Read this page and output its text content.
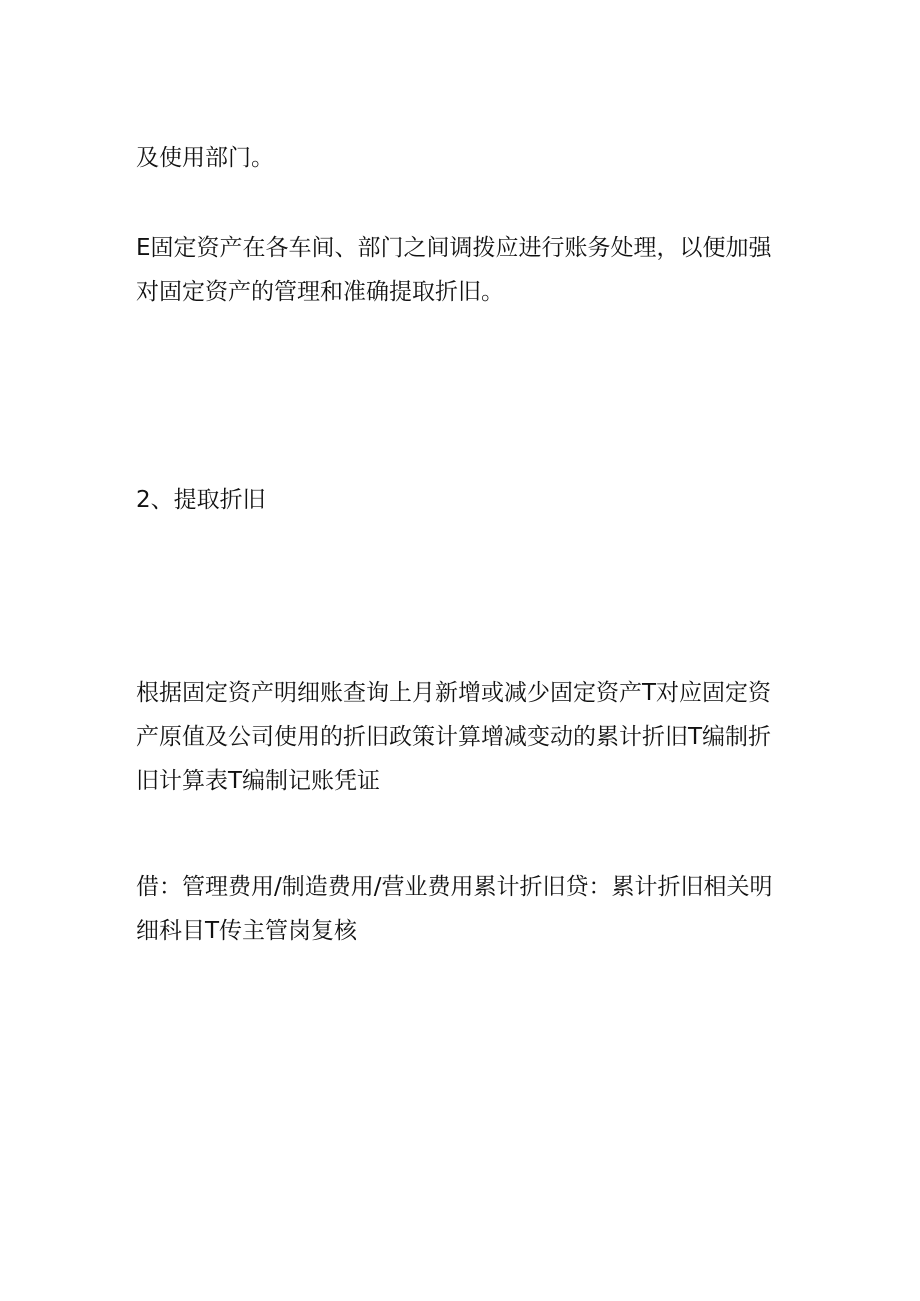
及使用部门。

E固定资产在各车间、部门之间调拨应进行账务处理，以便加强
对固定资产的管理和准确提取折旧。

2、提取折旧

根据固定资产明细账查询上月新增或减少固定资产T对应固定资
产原值及公司使用的折旧政策计算增减变动的累计折旧T编制折
旧计算表T编制记账凭证

借：管理费用/制造费用/营业费用累计折旧贷：累计折旧相关明
细科目T传主管岗复核
